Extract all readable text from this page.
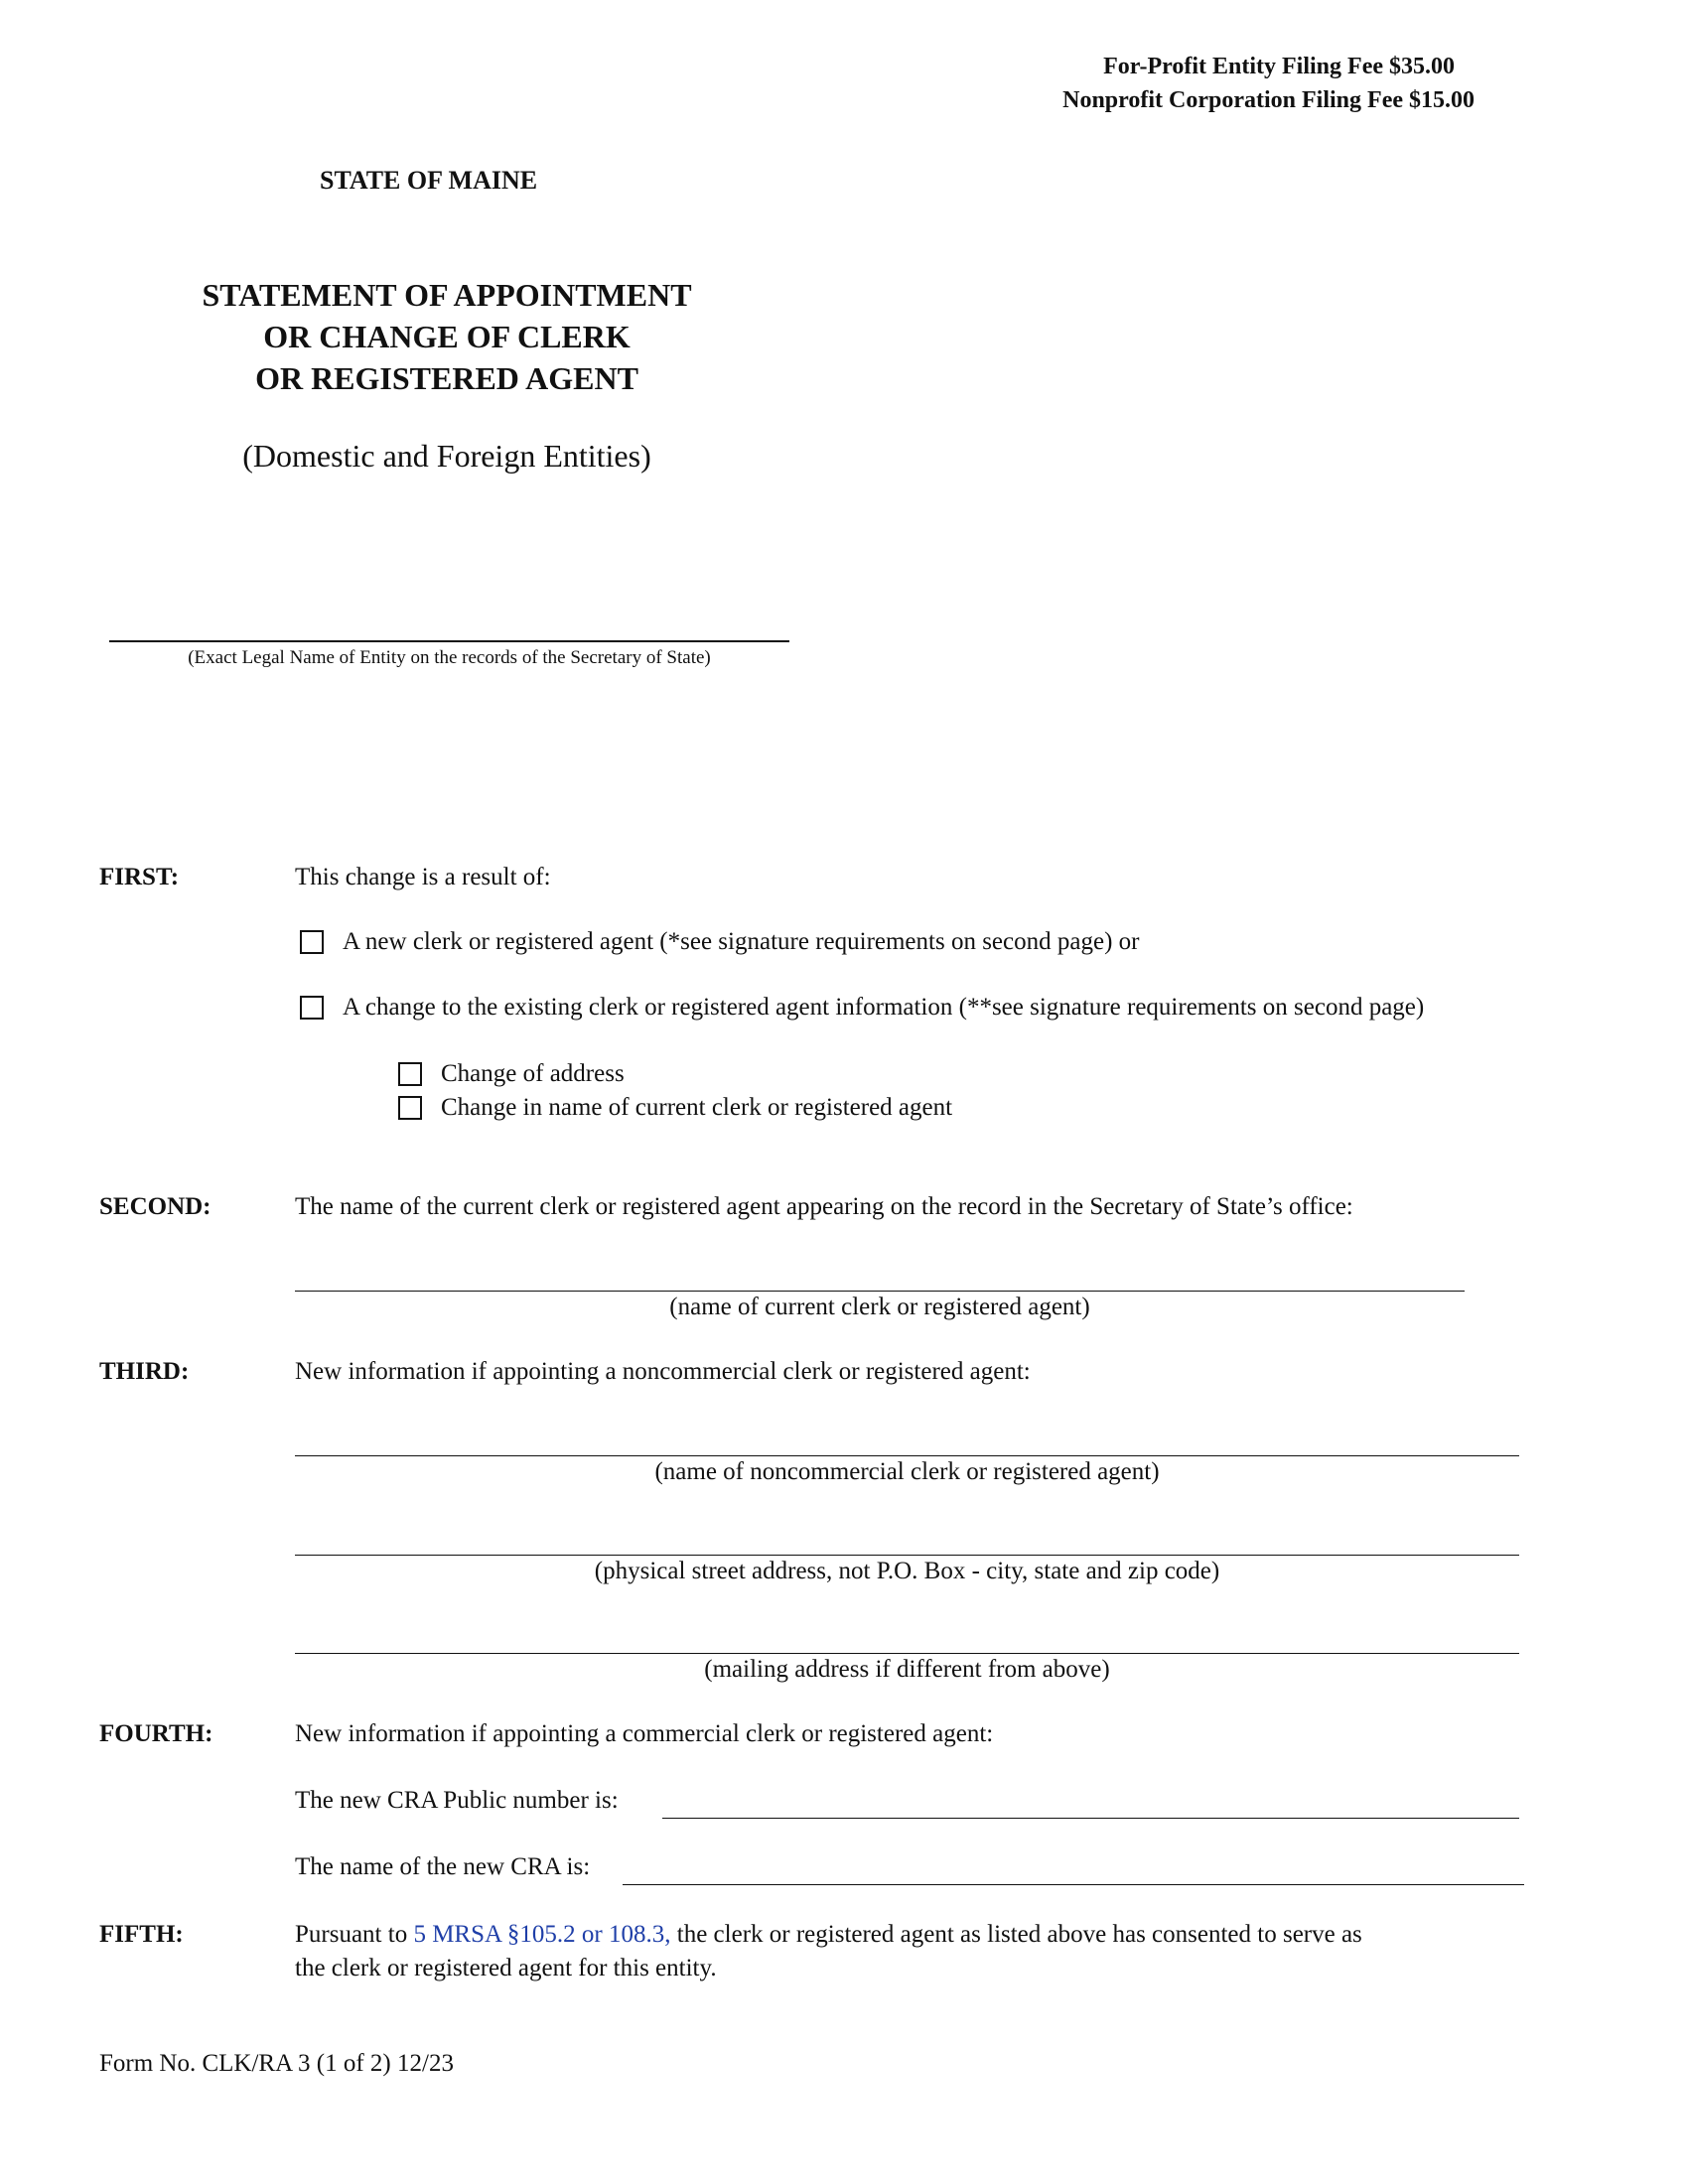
For-Profit Entity Filing Fee $35.00
Nonprofit Corporation Filing Fee $15.00
STATE OF MAINE
STATEMENT OF APPOINTMENT
OR CHANGE OF CLERK
OR REGISTERED AGENT
(Domestic and Foreign Entities)
(Exact Legal Name of Entity on the records of the Secretary of State)
FIRST:	This change is a result of:
A new clerk or registered agent (*see signature requirements on second page) or
A change to the existing clerk or registered agent information (**see signature requirements on second page)
Change of address
Change in name of current clerk or registered agent
SECOND:	The name of the current clerk or registered agent appearing on the record in the Secretary of State’s office:
(name of current clerk or registered agent)
THIRD:	New information if appointing a noncommercial clerk or registered agent:
(name of noncommercial clerk or registered agent)
(physical street address, not P.O. Box - city, state and zip code)
(mailing address if different from above)
FOURTH:	New information if appointing a commercial clerk or registered agent:
The new CRA Public number is:
The name of the new CRA is:
FIFTH:	Pursuant to 5 MRSA §105.2 or 108.3, the clerk or registered agent as listed above has consented to serve as
the clerk or registered agent for this entity.
Form No. CLK/RA 3 (1 of 2) 12/23
